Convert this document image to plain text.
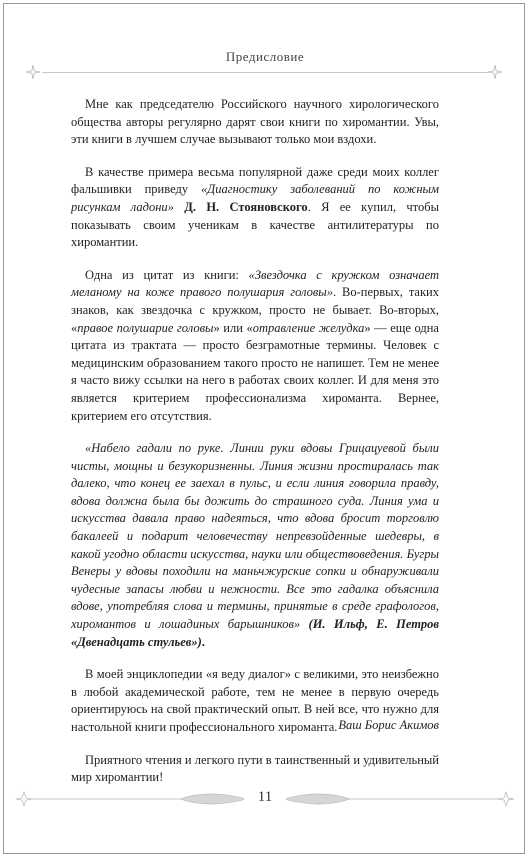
Предисловие

Мне как председателю Российского научного хирологического общества авторы регулярно дарят свои книги по хиромантии. Увы, эти книги в лучшем случае вызывают только мои вздохи.

В качестве примера весьма популярной даже среди моих коллег фальшивки приведу «Диагностику заболеваний по кожным рисункам ладони» Д. Н. Стояновского. Я ее купил, чтобы показывать своим ученикам в качестве антилитературы по хиромантии.

Одна из цитат из книги: «Звездочка с кружком означает меланому на коже правого полушария головы». Во-первых, таких знаков, как звездочка с кружком, просто не бывает. Во-вторых, «правое полушарие головы» или «отравление желудка» — еще одна цитата из трактата — просто безграмотные термины. Человек с медицинским образованием такого просто не напишет. Тем не менее я часто вижу ссылки на него в работах своих коллег. И для меня это является критерием профессионализма хироманта. Вернее, критерием его отсутствия.

«Набело гадали по руке. Линии руки вдовы Грицацуевой были чисты, мощны и безукоризненны. Линия жизни простиралась так далеко, что конец ее заехал в пульс, и если линия говорила правду, вдова должна была бы дожить до страшного суда. Линия ума и искусства давала право надеяться, что вдова бросит торговлю бакалеей и подарит человечеству непревзойденные шедевры, в какой угодно области искусства, науки или обществоведения. Бугры Венеры у вдовы походили на маньчжурские сопки и обнаруживали чудесные запасы любви и нежности. Все это гадалка объяснила вдове, употребляя слова и термины, принятые в среде графологов, хиромантов и лошадиных барышников» (И. Ильф, Е. Петров «Двенадцать стульев»).

В моей энциклопедии «я веду диалог» с великими, это неизбежно в любой академической работе, тем не менее в первую очередь ориентируюсь на свой практический опыт. В ней все, что нужно для настольной книги профессионального хироманта.

Приятного чтения и легкого пути в таинственный и удивительный мир хиромантии!

Ваш Борис Акимов
11
